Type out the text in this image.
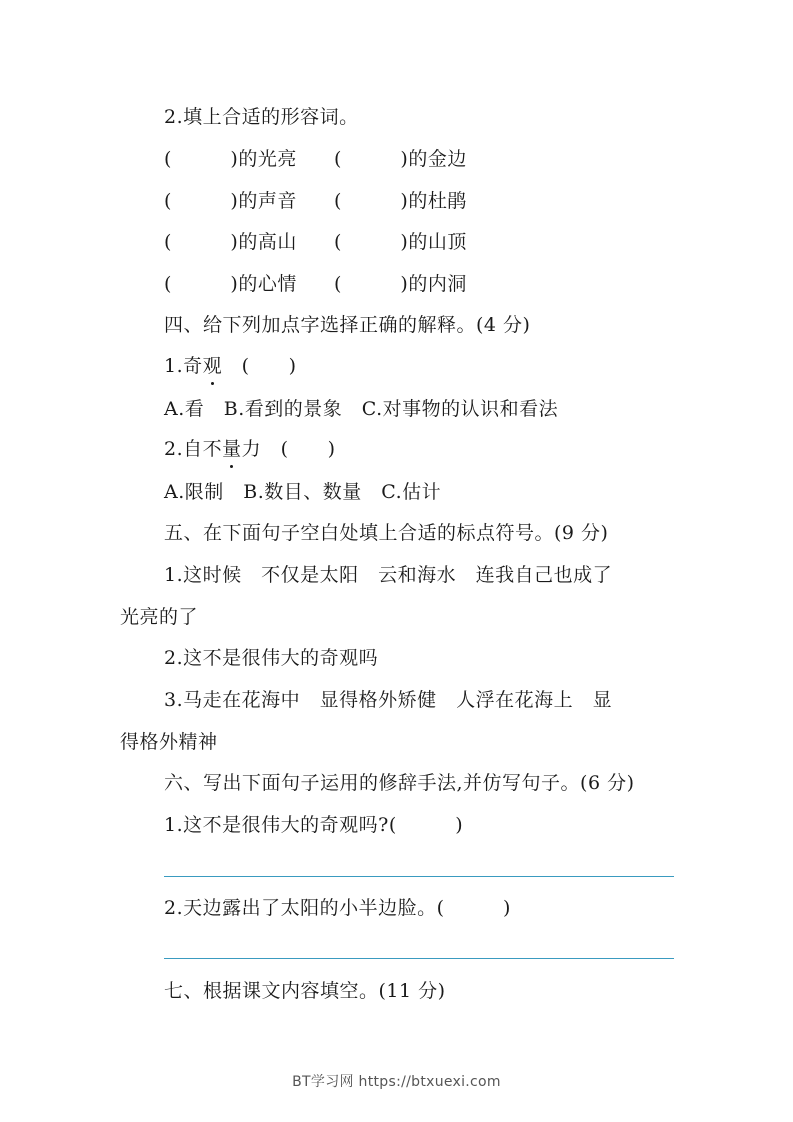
2.填上合适的形容词。
(　　　)的光亮 (　　　)的金边
(　　　)的声音 (　　　)的杜鹃
(　　　)的高山 (　　　)的山顶
(　　　)的心情 (　　　)的内洞
四、给下列加点字选择正确的解释。(4 分)
1.奇观　(　　)
A.看　B.看到的景象　C.对事物的认识和看法
2.自不量力　(　　)
A.限制　B.数目、数量　C.估计
五、在下面句子空白处填上合适的标点符号。(9 分)
1.这时候　不仅是太阳　云和海水　连我自己也成了
光亮的了
2.这不是很伟大的奇观吗
3.马走在花海中　显得格外矫健　人浮在花海上　显
得格外精神
六、写出下面句子运用的修辞手法,并仿写句子。(6 分)
1.这不是很伟大的奇观吗?(　　　)
2.天边露出了太阳的小半边脸。(　　　)
七、根据课文内容填空。(11 分)
BT学习网 https://btxuexi.com
